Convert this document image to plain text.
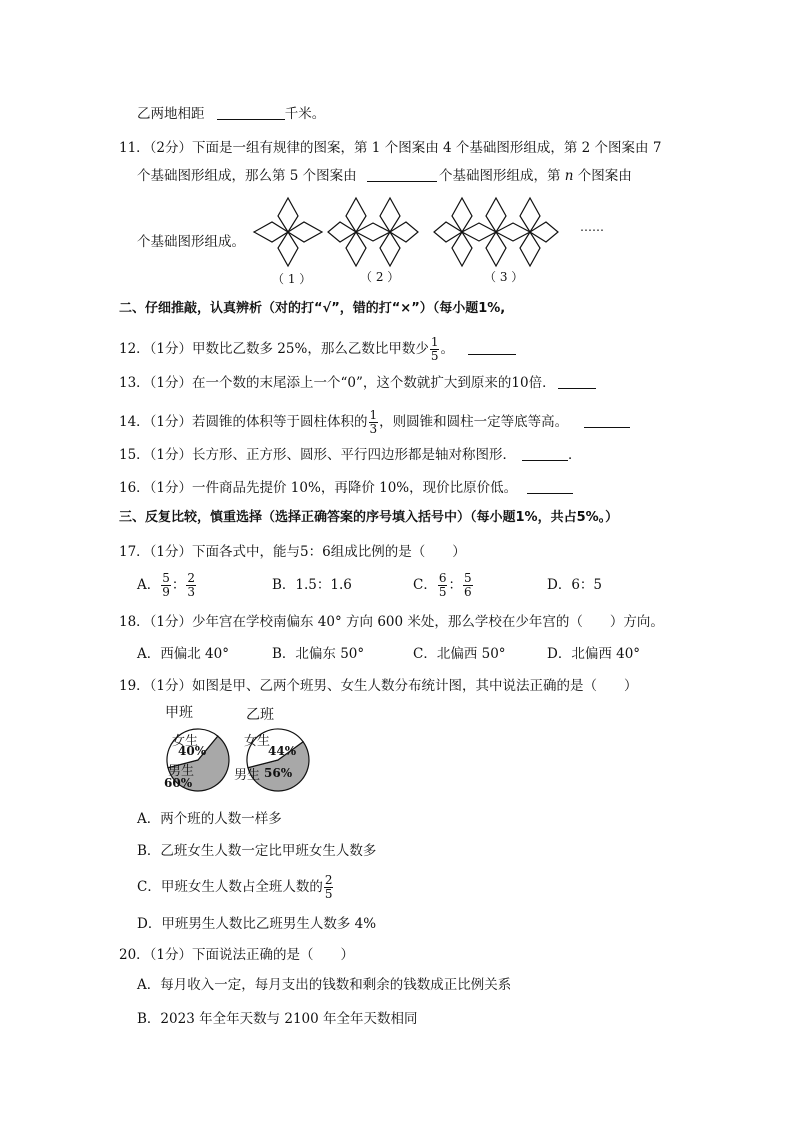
乙两地相距	千米。
11．（2分）下面是一组有规律的图案，第 1 个图案由 4 个基础图形组成，第 2 个图案由 7
个基础图形组成，那么第 5 个图案由	个基础图形组成，第 n 个图案由
个基础图形组成。
（ 1 ）	（ 2 ）	（ 3 ）
……
二、仔细推敲，认真辨析（对的打“√”，错的打“×”）（每小题1%,
12．（1分）甲数比乙数多 25%，那么乙数比甲数少 $\frac{1}{5}$ 。
13．（1分）在一个数的末尾添上一个“0”，这个数就扩大到原来的10倍．
14．（1分）若圆锥的体积等于圆柱体积的 $\frac{1}{3}$ ，则圆锥和圆柱一定等底等高。
15．（1分）长方形、正方形、圆形、平行四边形都是轴对称图形．	．
16．（1分）一件商品先提价 10%，再降价 10%，现价比原价低。
三、反复比较，慎重选择（选择正确答案的序号填入括号中）（每小题1%，共占5%。）
17．（1分）下面各式中，能与5：6组成比例的是（　　）
A． $\frac{5}{9}$ ： $\frac{2}{3}$	B．1.5：1.6	C． $\frac{6}{5}$ ： $\frac{5}{6}$	D．6：5
18．（1分）少年宫在学校南偏东 40° 方向 600 米处，那么学校在少年宫的（　　）方向。
A．西偏北 40°	B．北偏东 50°	C．北偏西 50°	D．北偏西 40°
19．（1分）如图是甲、乙两个班男、女生人数分布统计图，其中说法正确的是（　　）
甲班	乙班
女生
40%
男生
60%
女生
44%
男生 56%
A．两个班的人数一样多
B．乙班女生人数一定比甲班女生人数多
C．甲班女生人数占全班人数的 $\frac{2}{5}$
D．甲班男生人数比乙班男生人数多 4%
20．（1分）下面说法正确的是（　　）
A．每月收入一定，每月支出的钱数和剩余的钱数成正比例关系
B．2023 年全年天数与 2100 年全年天数相同
